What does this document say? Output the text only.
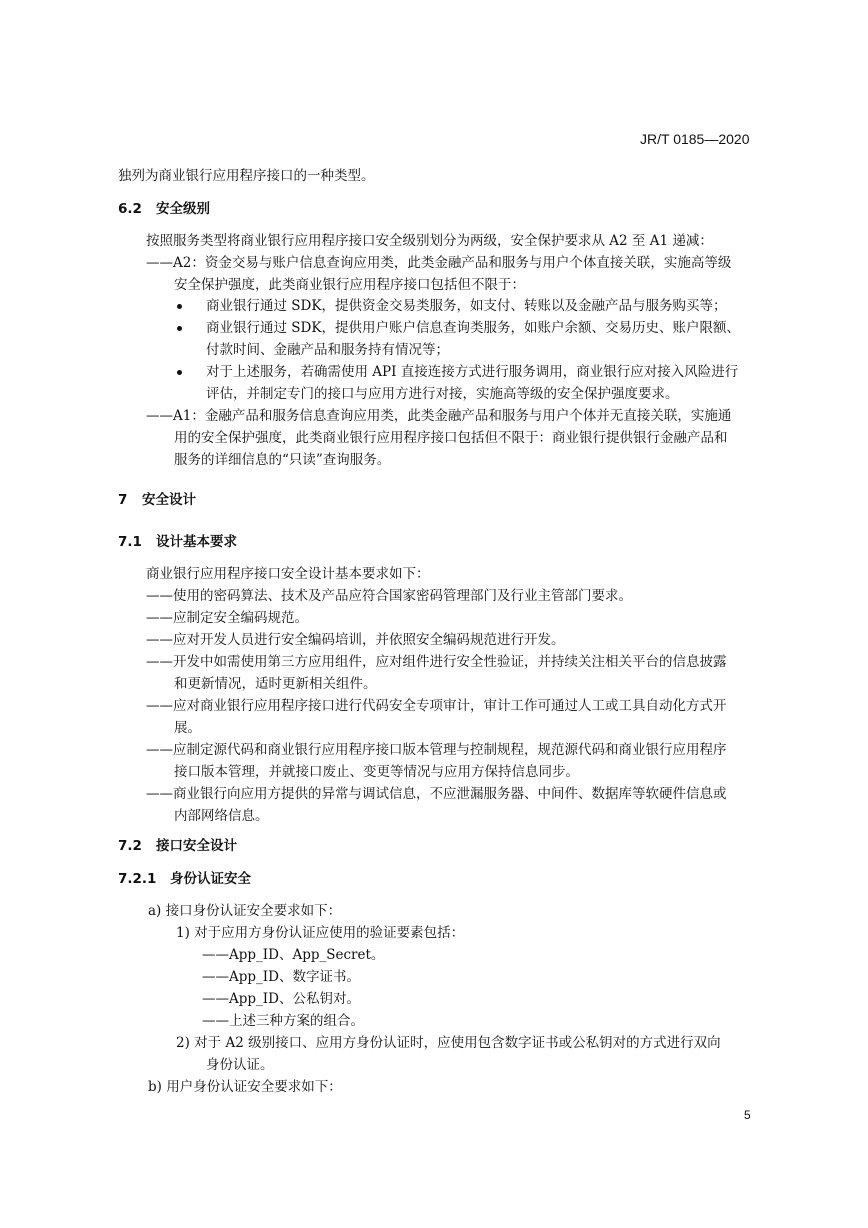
JR/T 0185—2020
独列为商业银行应用程序接口的一种类型。
6.2 安全级别
按照服务类型将商业银行应用程序接口安全级别划分为两级，安全保护要求从 A2 至 A1 递减：
——A2：资金交易与账户信息查询应用类，此类金融产品和服务与用户个体直接关联，实施高等级
安全保护强度，此类商业银行应用程序接口包括但不限于：
商业银行通过 SDK，提供资金交易类服务，如支付、转账以及金融产品与服务购买等；
商业银行通过 SDK，提供用户账户信息查询类服务，如账户余额、交易历史、账户限额、
付款时间、金融产品和服务持有情况等；
对于上述服务，若确需使用 API 直接连接方式进行服务调用，商业银行应对接入风险进行
评估，并制定专门的接口与应用方进行对接，实施高等级的安全保护强度要求。
——A1：金融产品和服务信息查询应用类，此类金融产品和服务与用户个体并无直接关联，实施通
用的安全保护强度，此类商业银行应用程序接口包括但不限于：商业银行提供银行金融产品和
服务的详细信息的“只读”查询服务。
7 安全设计
7.1 设计基本要求
商业银行应用程序接口安全设计基本要求如下：
——使用的密码算法、技术及产品应符合国家密码管理部门及行业主管部门要求。
——应制定安全编码规范。
——应对开发人员进行安全编码培训，并依照安全编码规范进行开发。
——开发中如需使用第三方应用组件，应对组件进行安全性验证，并持续关注相关平台的信息披露
和更新情况，适时更新相关组件。
——应对商业银行应用程序接口进行代码安全专项审计，审计工作可通过人工或工具自动化方式开
展。
——应制定源代码和商业银行应用程序接口版本管理与控制规程，规范源代码和商业银行应用程序
接口版本管理，并就接口废止、变更等情况与应用方保持信息同步。
——商业银行向应用方提供的异常与调试信息，不应泄漏服务器、中间件、数据库等软硬件信息或
内部网络信息。
7.2 接口安全设计
7.2.1 身份认证安全
a) 接口身份认证安全要求如下：
1) 对于应用方身份认证应使用的验证要素包括：
——App_ID、App_Secret。
——App_ID、数字证书。
——App_ID、公私钥对。
——上述三种方案的组合。
2) 对于 A2 级别接口、应用方身份认证时，应使用包含数字证书或公私钥对的方式进行双向
身份认证。
b) 用户身份认证安全要求如下：
5
